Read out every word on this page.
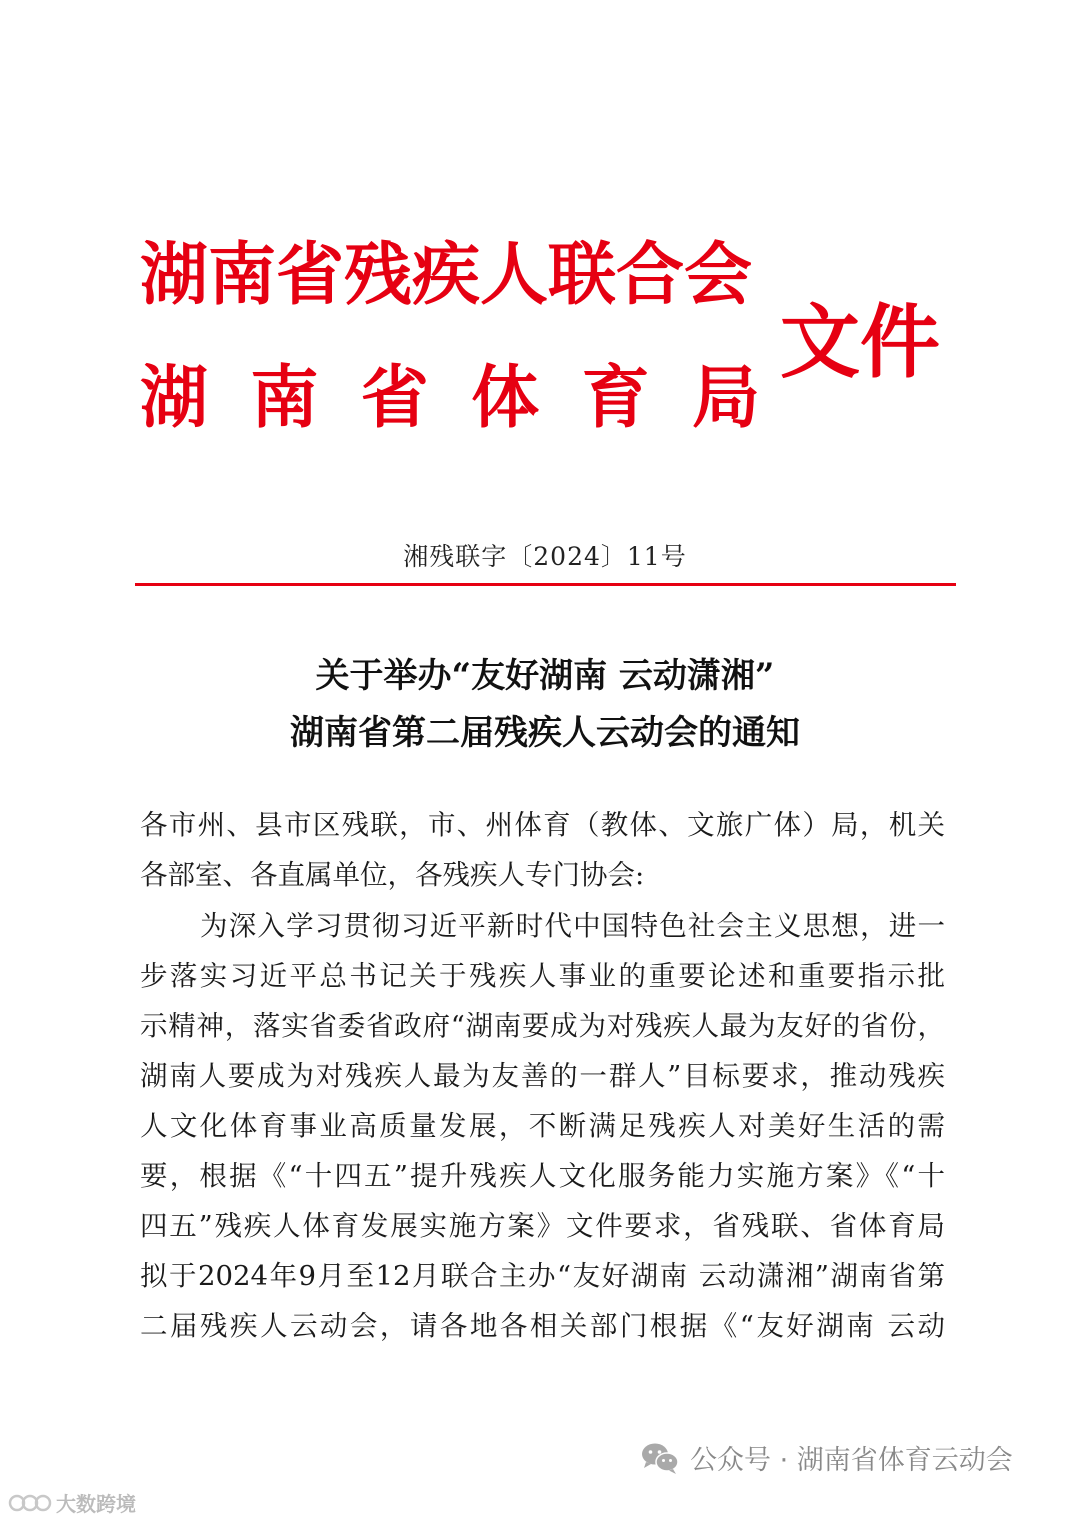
湖南省残疾人联合会
湖 南 省 体 育 局
文件
湘残联字〔2024〕11号
关于举办“友好湖南 云动潇湘”
湖南省第二届残疾人云动会的通知
各市州、县市区残联，市、州体育（教体、文旅广体）局，机关
各部室、各直属单位，各残疾人专门协会:
为深入学习贯彻习近平新时代中国特色社会主义思想，进一
步落实习近平总书记关于残疾人事业的重要论述和重要指示批
示精神，落实省委省政府“湖南要成为对残疾人最为友好的省份，
湖南人要成为对残疾人最为友善的一群人”目标要求，推动残疾
人文化体育事业高质量发展，不断满足残疾人对美好生活的需
要，根据《“十四五”提升残疾人文化服务能力实施方案》《“十
四五”残疾人体育发展实施方案》文件要求，省残联、省体育局
拟于2024年9月至12月联合主办“友好湖南 云动潇湘”湖南省第
二届残疾人云动会，请各地各相关部门根据《“友好湖南 云动
公众号 · 湖南省体育云动会
大数跨境
